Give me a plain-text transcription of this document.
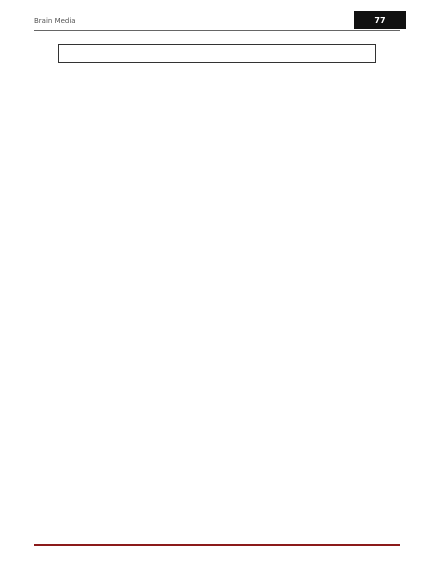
Brain Media	77
